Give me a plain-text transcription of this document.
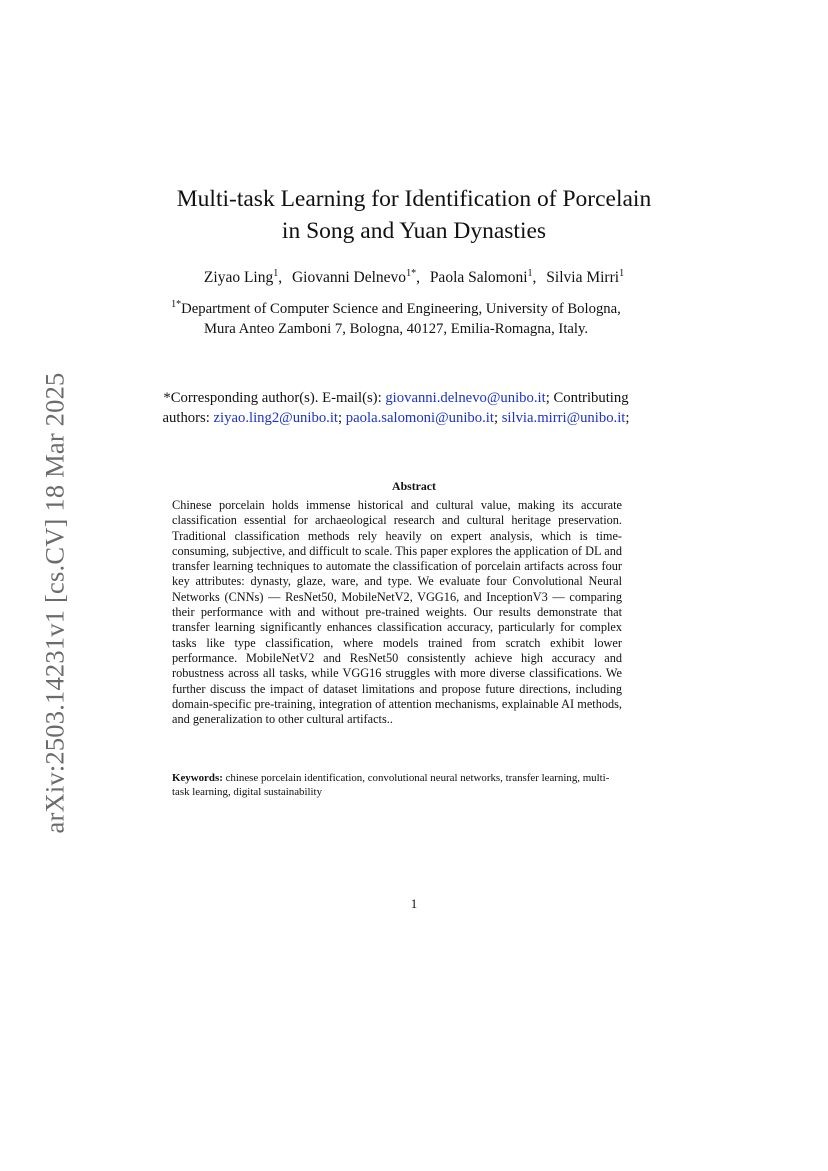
arXiv:2503.14231v1 [cs.CV] 18 Mar 2025
Multi-task Learning for Identification of Porcelain
in Song and Yuan Dynasties
Ziyao Ling$^1$, Giovanni Delnevo$^{1*}$, Paola Salomoni$^1$, Silvia Mirri$^1$
$^{1*}$Department of Computer Science and Engineering, University of Bologna, Mura Anteo Zamboni 7, Bologna, 40127, Emilia-Romagna, Italy.
*Corresponding author(s). E-mail(s): giovanni.delnevo@unibo.it; Contributing authors: ziyao.ling2@unibo.it; paola.salomoni@unibo.it; silvia.mirri@unibo.it;
Abstract
Chinese porcelain holds immense historical and cultural value, making its accurate classification essential for archaeological research and cultural heritage preservation. Traditional classification methods rely heavily on expert analysis, which is time-consuming, subjective, and difficult to scale. This paper explores the application of DL and transfer learning techniques to automate the classification of porcelain artifacts across four key attributes: dynasty, glaze, ware, and type. We evaluate four Convolutional Neural Networks (CNNs) — ResNet50, MobileNetV2, VGG16, and InceptionV3 — comparing their performance with and without pre-trained weights. Our results demonstrate that transfer learning significantly enhances classification accuracy, particularly for complex tasks like type classification, where models trained from scratch exhibit lower performance. MobileNetV2 and ResNet50 consistently achieve high accuracy and robustness across all tasks, while VGG16 struggles with more diverse classifications. We further discuss the impact of dataset limitations and propose future directions, including domain-specific pre-training, integration of attention mechanisms, explainable AI methods, and generalization to other cultural artifacts..
Keywords: chinese porcelain identification, convolutional neural networks, transfer learning, multi-task learning, digital sustainability
1
